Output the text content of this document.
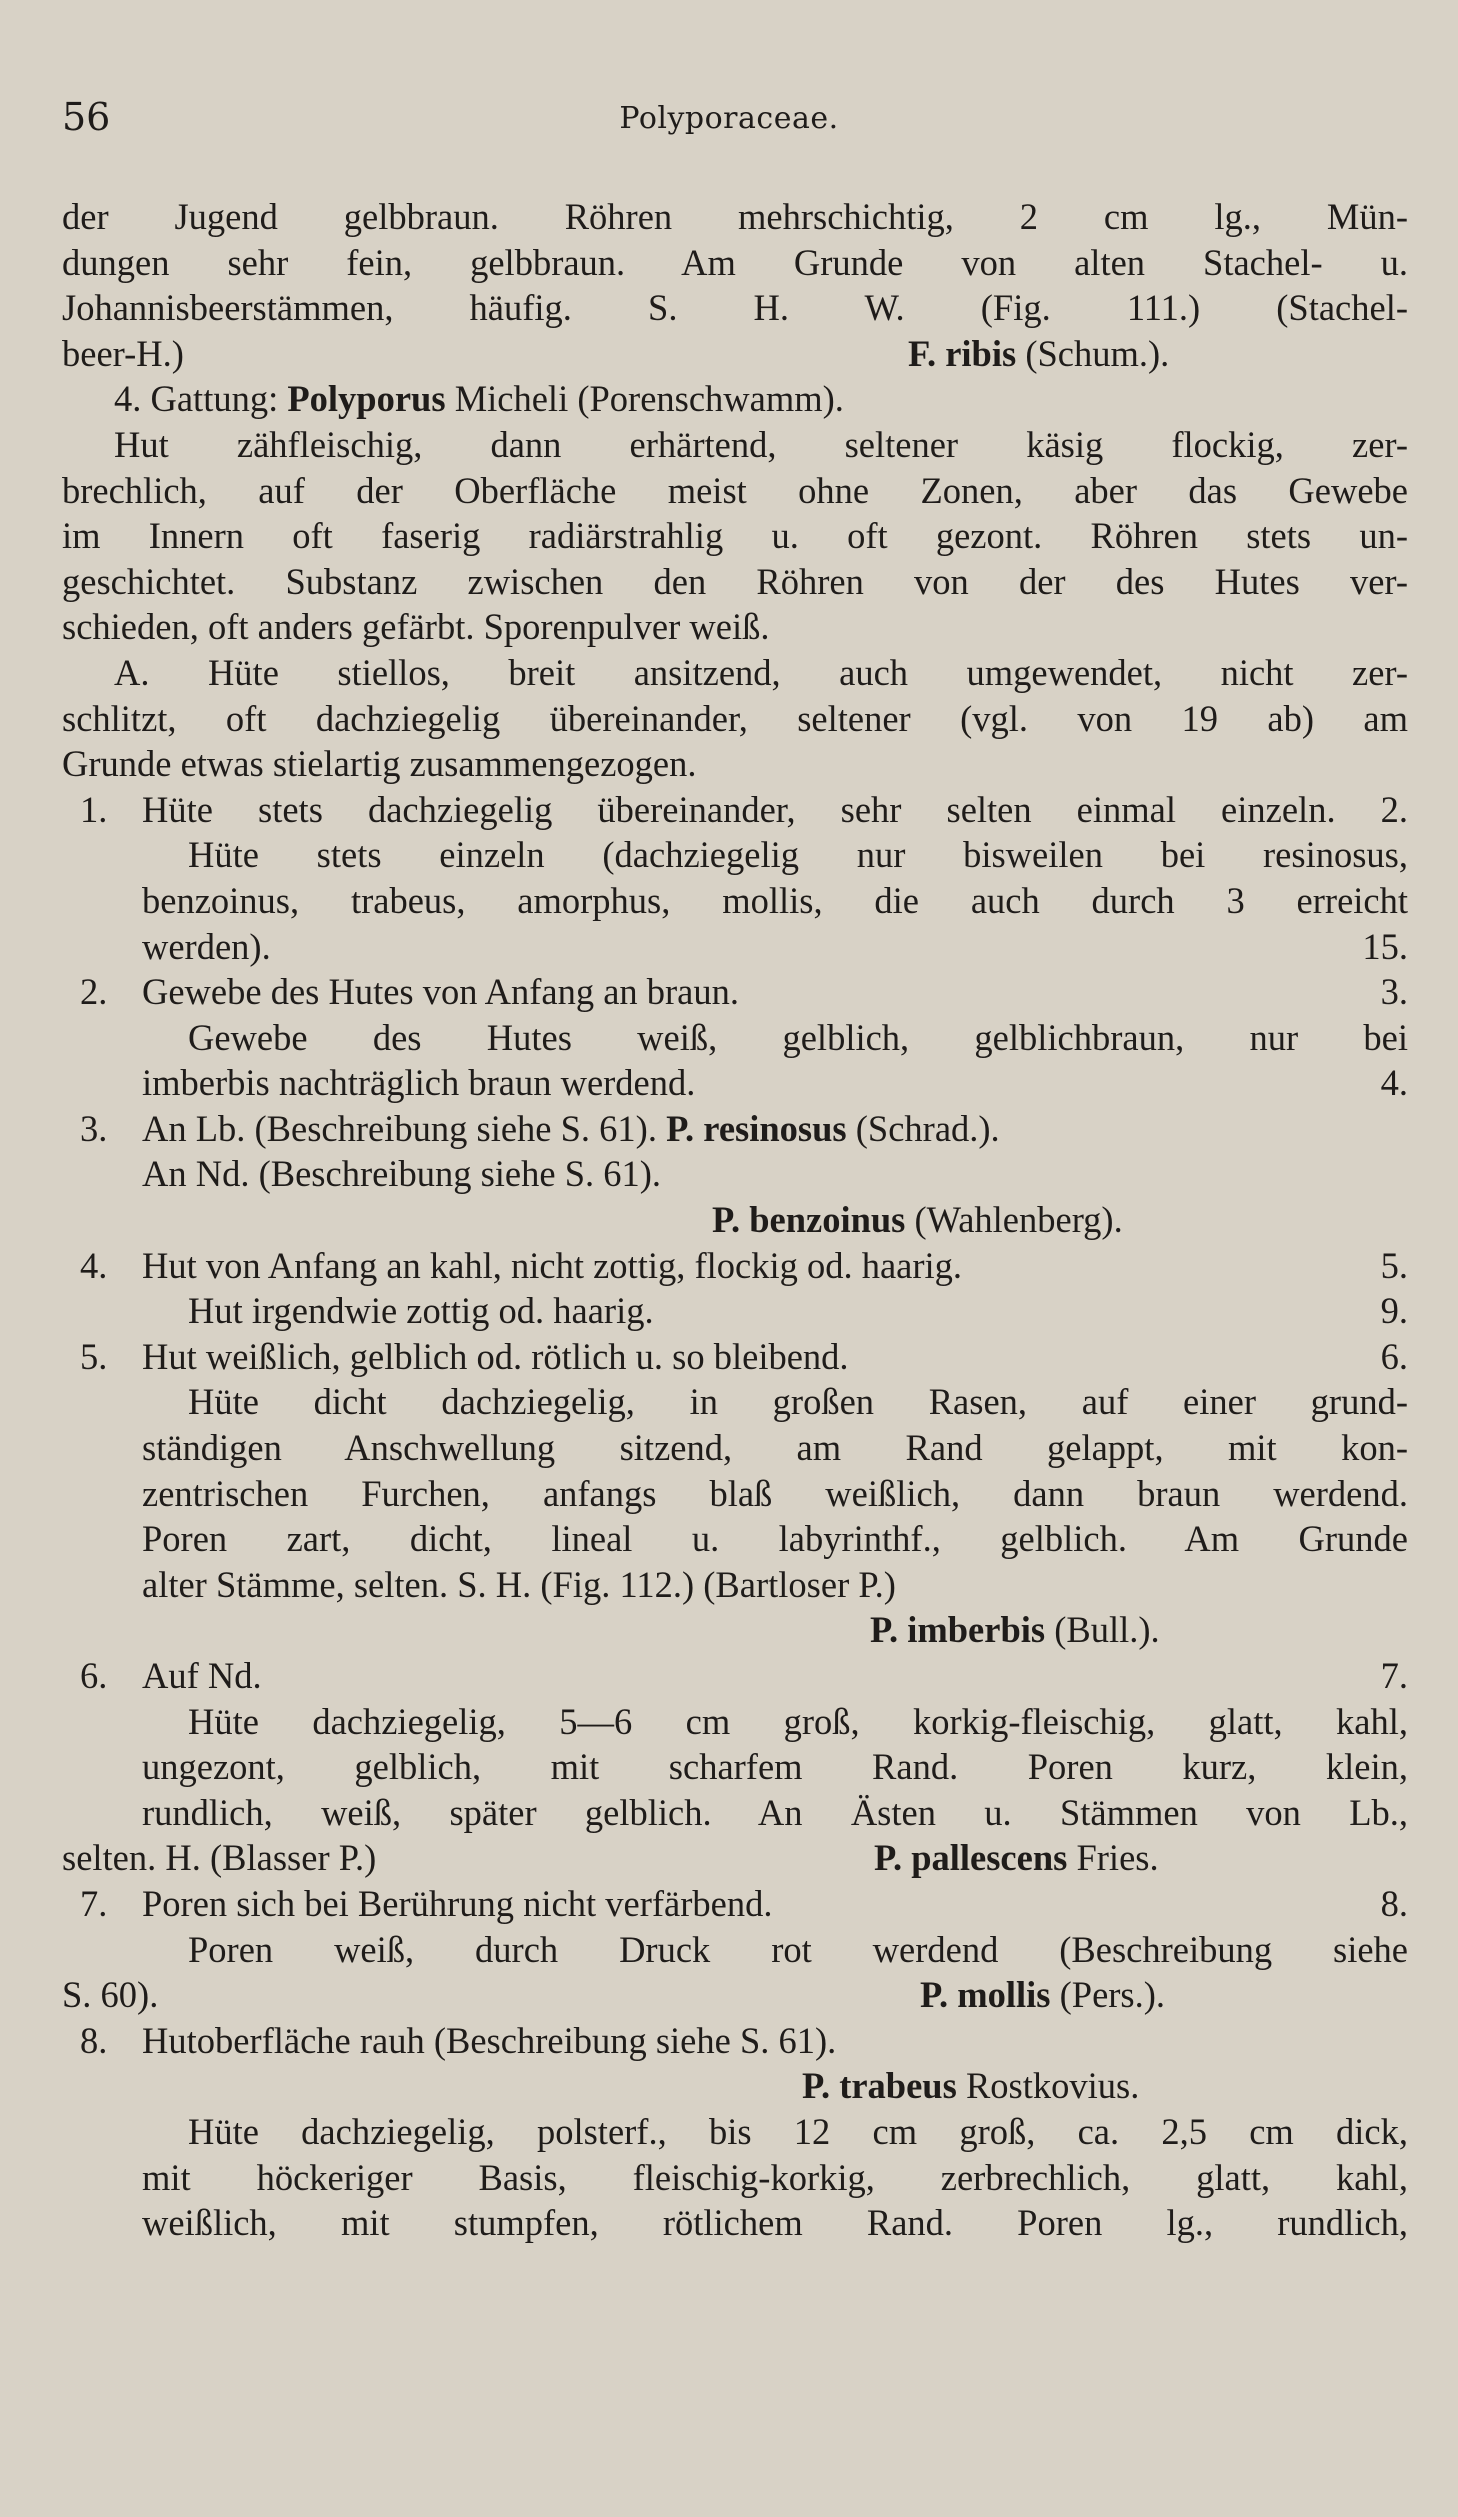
56	Polyporaceae.
der Jugend gelbbraun. Röhren mehrschichtig, 2 cm lg., Mün-
dungen sehr fein, gelbbraun. Am Grunde von alten Stachel- u.
Johannisbeerstämmen, häufig. S. H. W. (Fig. 111.) (Stachel-
beer-H.)	F. ribis (Schum.).
4. Gattung: Polyporus Micheli (Porenschwamm).
Hut zähfleischig, dann erhärtend, seltener käsig flockig, zer-
brechlich, auf der Oberfläche meist ohne Zonen, aber das Gewebe
im Innern oft faserig radiärstrahlig u. oft gezont. Röhren stets un-
geschichtet. Substanz zwischen den Röhren von der des Hutes ver-
schieden, oft anders gefärbt. Sporenpulver weiß.
A. Hüte stiellos, breit ansitzend, auch umgewendet, nicht zer-
schlitzt, oft dachziegelig übereinander, seltener (vgl. von 19 ab) am
Grunde etwas stielartig zusammengezogen.
1. Hüte stets dachziegelig übereinander, sehr selten einmal einzeln. 2.
Hüte stets einzeln (dachziegelig nur bisweilen bei resinosus,
benzoinus, trabeus, amorphus, mollis, die auch durch 3 erreicht
werden).	15.
2. Gewebe des Hutes von Anfang an braun.	3.
Gewebe des Hutes weiß, gelblich, gelblichbraun, nur bei
imberbis nachträglich braun werdend.	4.
3. An Lb. (Beschreibung siehe S. 61). P. resinosus (Schrad.).
An Nd. (Beschreibung siehe S. 61).
P. benzoinus (Wahlenberg).
4. Hut von Anfang an kahl, nicht zottig, flockig od. haarig.	5.
Hut irgendwie zottig od. haarig.	9.
5. Hut weißlich, gelblich od. rötlich u. so bleibend.	6.
Hüte dicht dachziegelig, in großen Rasen, auf einer grund-
ständigen Anschwellung sitzend, am Rand gelappt, mit kon-
zentrischen Furchen, anfangs blaß weißlich, dann braun werdend.
Poren zart, dicht, lineal u. labyrinthf., gelblich. Am Grunde
alter Stämme, selten. S. H. (Fig. 112.) (Bartloser P.)
P. imberbis (Bull.).
6. Auf Nd.	7.
Hüte dachziegelig, 5—6 cm groß, korkig-fleischig, glatt, kahl,
ungezont, gelblich, mit scharfem Rand. Poren kurz, klein,
rundlich, weiß, später gelblich. An Ästen u. Stämmen von Lb.,
selten. H. (Blasser P.)	P. pallescens Fries.
7. Poren sich bei Berührung nicht verfärbend.	8.
Poren weiß, durch Druck rot werdend (Beschreibung siehe
S. 60).	P. mollis (Pers.).
8. Hutoberfläche rauh (Beschreibung siehe S. 61).
P. trabeus Rostkovius.
Hüte dachziegelig, polsterf., bis 12 cm groß, ca. 2,5 cm dick,
mit höckeriger Basis, fleischig-korkig, zerbrechlich, glatt, kahl,
weißlich, mit stumpfen, rötlichem Rand. Poren lg., rundlich,
